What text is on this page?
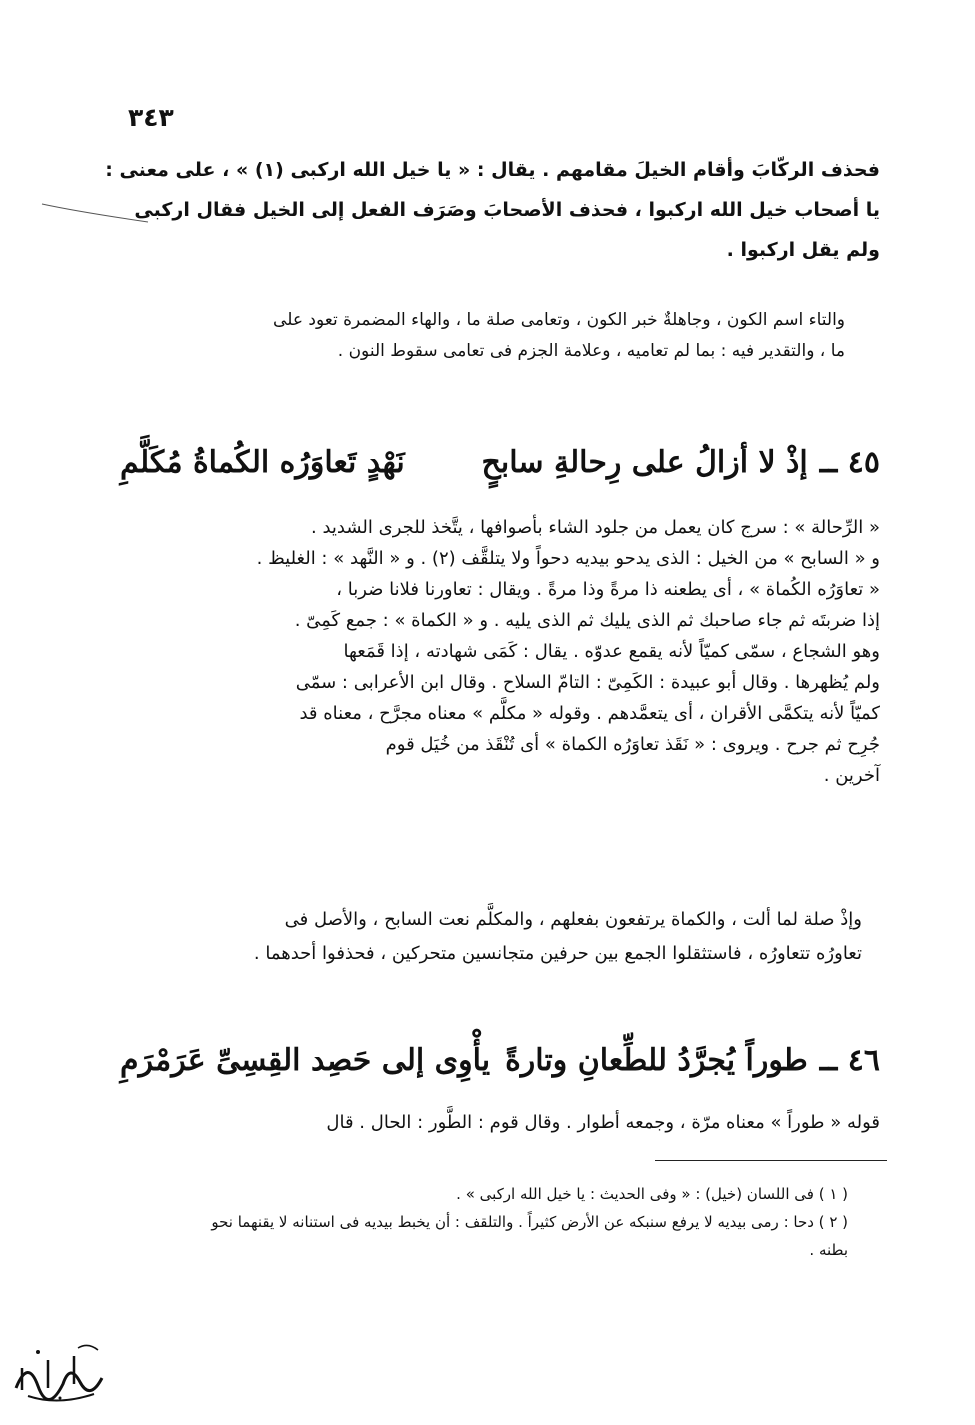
٣٤٣
فحذف الركّابَ وأقام الخيلَ مقامهم . يقال : « يا خيل الله اركبى (١) » ، على معنى :
يا أصحاب خيل الله اركبوا ، فحذف الأصحابَ وصَرَف الفعل إلى الخيل فقال اركبى
ولم يقل اركبوا .
والتاء اسم الكون ، وجاهلةٌ خبر الكون ، وتعامى صلة ما ، والهاء المضمرة تعود على
ما ، والتقدير فيه : بما لم تعاميه ، وعلامة الجزم فى تعامى سقوط النون .
٤٥ ــ
إذْ لا أزالُ على رِحالةِ سابحٍ
نَهْدٍ تَعاوَرُه الكُماةُ مُكَلَّمِ
« الرِّحالة » : سرج كان يعمل من جلود الشاء بأصوافها ، يتَّخذ للجرى الشديد .
و « السابح » من الخيل : الذى يدحو بيديه دحواً ولا يتلقَّف (٢) . و « النَّهد » : الغليظ .
« تعاوَرُه الكُماة » ، أى يطعنه ذا مرةً وذا مرةً . ويقال : تعاورنا فلانا ضربا ،
إذا ضربتَه ثم جاء صاحبك ثم الذى يليك ثم الذى يليه . و « الكماة » : جمع كَمِىّ .
وهو الشجاع ، سمّى كميّاً لأنه يقمع عدوّه . يقال : كَمَى شهادته ، إذا قَمَعها
ولم يُظهرها . وقال أبو عبيدة : الكَمِىّ : التامّ السلاح . وقال ابن الأعرابى : سمّى
كميّاً لأنه يتكمَّى الأقران ، أى يتعمَّدهم . وقوله « مكلَّم » معناه مجرَّح ، معناه قد
جُرِح ثم جرح . ويروى : « نَقَذ تعاوَرُه الكماة » أى تُنْقَذ من خُيَل قوم
آخرين .
وإذْ صلة لما ألت ، والكماة يرتفعون بفعلهم ، والمكلَّم نعت السابح ، والأصل فى
تعاورُه تتعاورُه ، فاستثقلوا الجمع بين حرفين متجانسين متحركين ، فحذفوا أحدهما .
٤٦ ــ
طوراً يُجرَّدُ للطِّعانِ وتارةً
يأْوِى إلى حَصِد القِسِىِّ عَرَمْرَمِ
قوله « طوراً » معناه مرّة ، وجمعه أطوار . وقال قوم : الطَّور : الحال . قال
( ١ ) فى اللسان (خيل) : « وفى الحديث : يا خيل الله اركبى » .
( ٢ ) دحا : رمى بيديه لا يرفع سنبكه عن الأرض كثيراً . والتلقف : أن يخبط بيديه فى استنانه لا يقنهما نحو
بطنه .
